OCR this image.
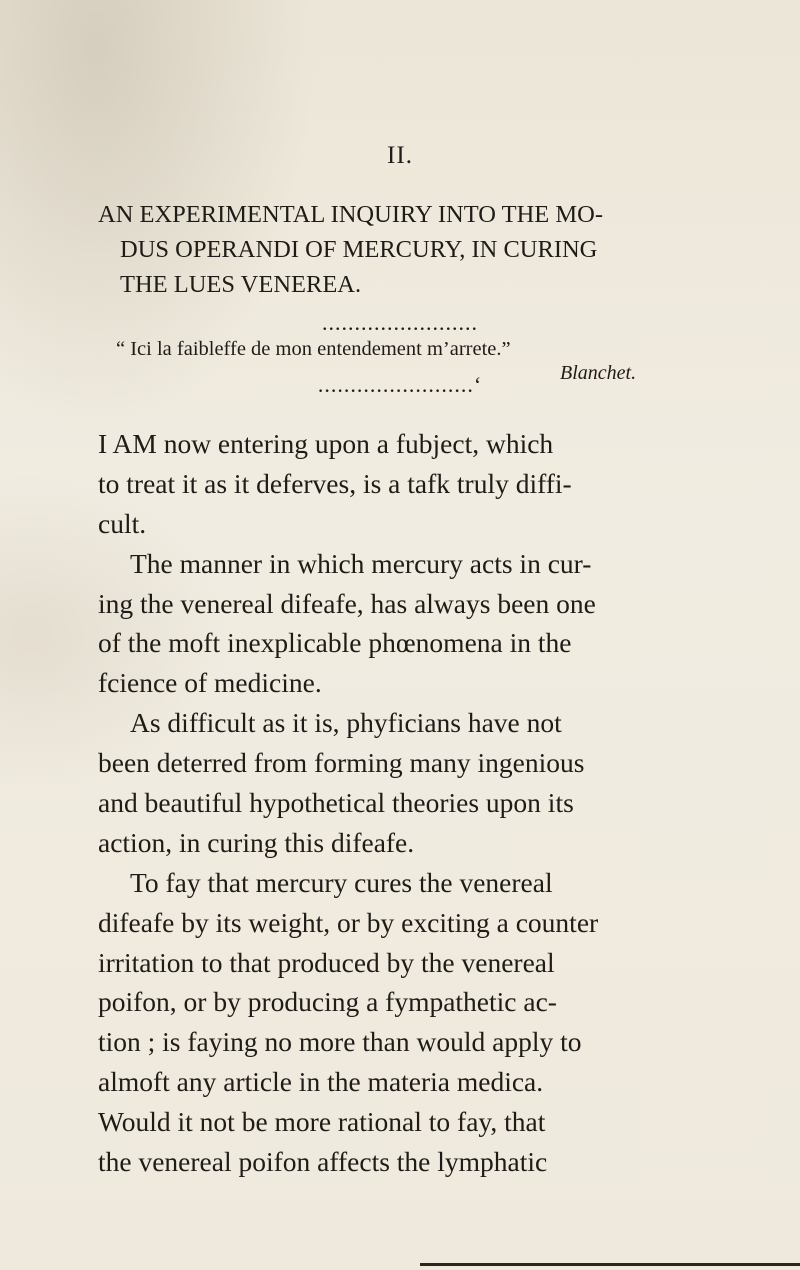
II.
AN EXPERIMENTAL INQUIRY INTO THE MO-
DUS OPERANDI OF MERCURY, IN CURING
THE LUES VENEREA.
........................
“ Ici la faibleffe de mon entendement m’arrete.”
Blanchet.
........................ʻ
I AM now entering upon a fubject, which
to treat it as it deferves, is a tafk truly diffi-
cult.
The manner in which mercury acts in cur-
ing the venereal difeafe, has always been one
of the moft inexplicable phœnomena in the
fcience of medicine.
As difficult as it is, phyficians have not
been deterred from forming many ingenious
and beautiful hypothetical theories upon its
action, in curing this difeafe.
To fay that mercury cures the venereal
difeafe by its weight, or by exciting a counter
irritation to that produced by the venereal
poifon, or by producing a fympathetic ac-
tion ; is faying no more than would apply to
almoft any article in the materia medica.
Would it not be more rational to fay, that
the venereal poifon affects the lymphatic
